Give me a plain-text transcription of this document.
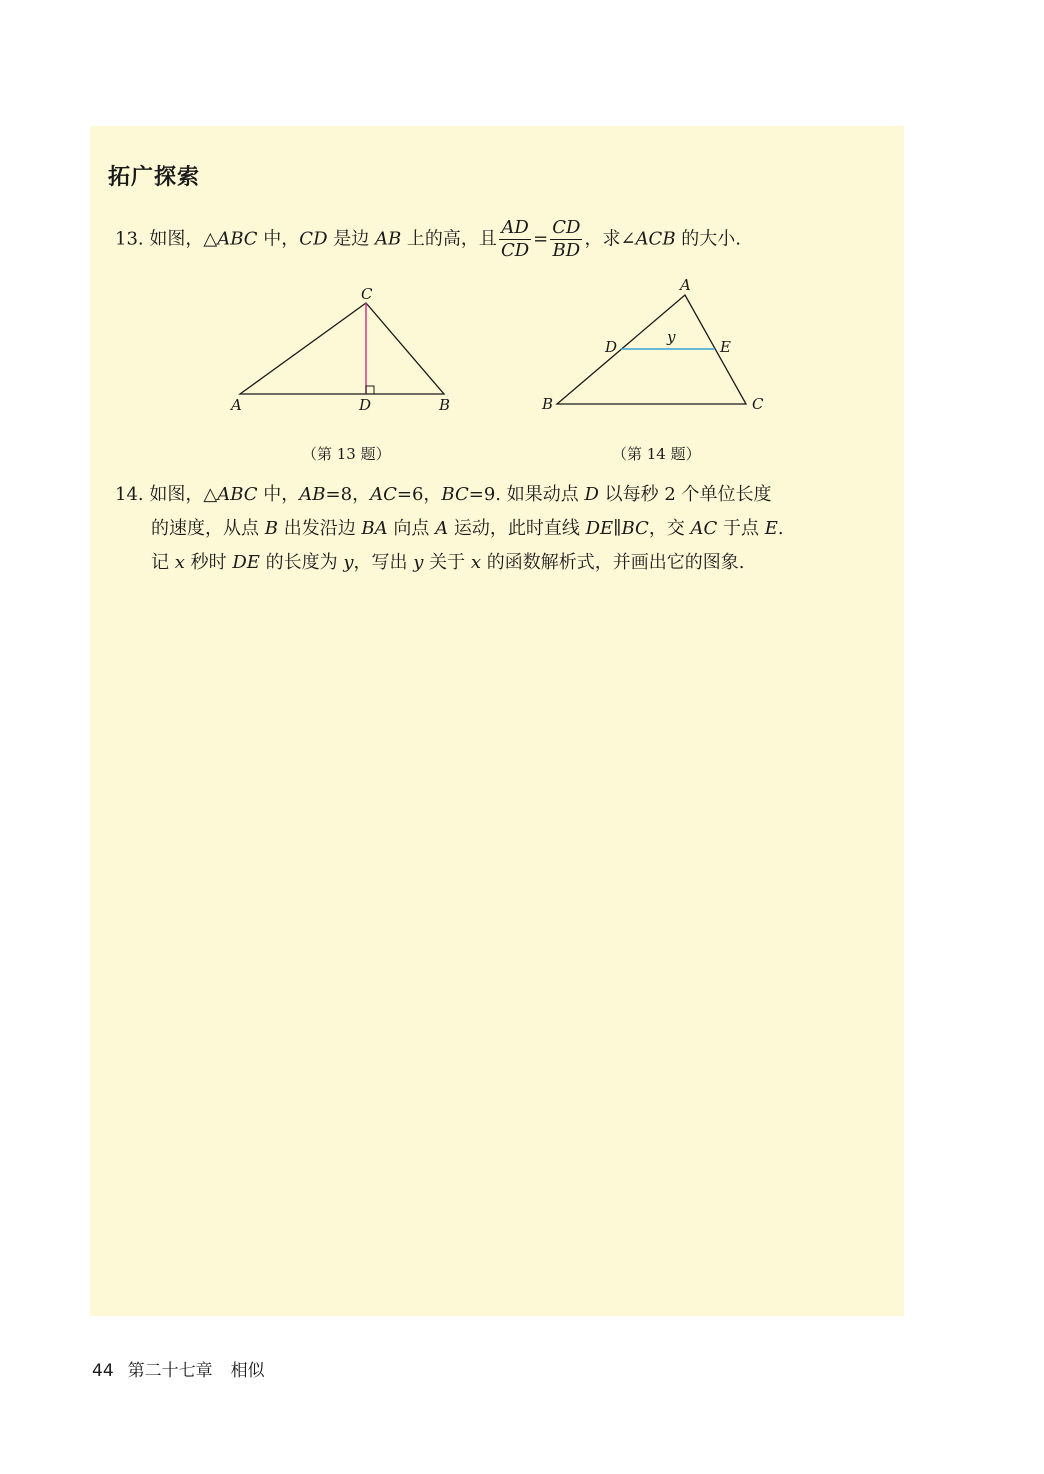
拓广探索
13. 如图，△ABC 中，CD 是边 AB 上的高，且 $\frac{AD}{CD} = \frac{CD}{BD}$ ，求∠ACB 的大小.
C
A	D	B
A
D
y
E
B	C
（第 13 题）	（第 14 题）
14. 如图，△ABC 中，AB=8，AC=6，BC=9. 如果动点 D 以每秒 2 个单位长度
的速度，从点 B 出发沿边 BA 向点 A 运动，此时直线 DE∥BC，交 AC 于点 E.
记 x 秒时 DE 的长度为 y，写出 y 关于 x 的函数解析式，并画出它的图象.
44 第二十七章 相似
